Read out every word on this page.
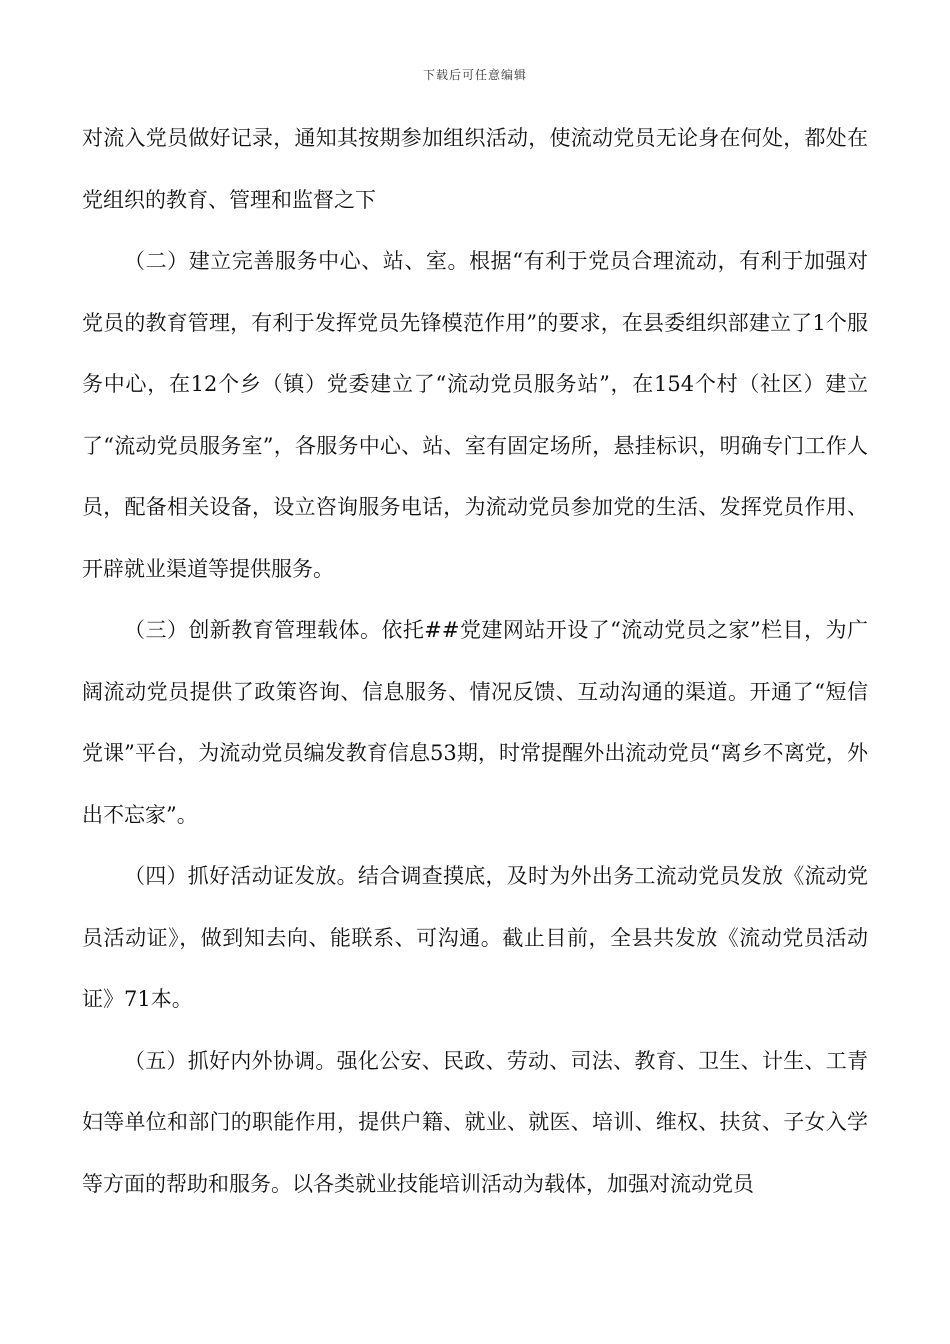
下载后可任意编辑

对流入党员做好记录，通知其按期参加组织活动，使流动党员无论身在何处，都处在党组织的教育、管理和监督之下

（二）建立完善服务中心、站、室。根据“有利于党员合理流动，有利于加强对党员的教育管理，有利于发挥党员先锋模范作用”的要求，在县委组织部建立了1个服务中心，在12个乡（镇）党委建立了“流动党员服务站”，在154个村（社区）建立了“流动党员服务室”，各服务中心、站、室有固定场所，悬挂标识，明确专门工作人员，配备相关设备，设立咨询服务电话，为流动党员参加党的生活、发挥党员作用、开辟就业渠道等提供服务。

（三）创新教育管理载体。依托##党建网站开设了“流动党员之家”栏目，为广阔流动党员提供了政策咨询、信息服务、情况反馈、互动沟通的渠道。开通了“短信党课”平台，为流动党员编发教育信息53期，时常提醒外出流动党员“离乡不离党，外出不忘家”。

（四）抓好活动证发放。结合调查摸底，及时为外出务工流动党员发放《流动党员活动证》，做到知去向、能联系、可沟通。截止目前，全县共发放《流动党员活动证》71本。

（五）抓好内外协调。强化公安、民政、劳动、司法、教育、卫生、计生、工青妇等单位和部门的职能作用，提供户籍、就业、就医、培训、维权、扶贫、子女入学等方面的帮助和服务。以各类就业技能培训活动为载体，加强对流动党员
